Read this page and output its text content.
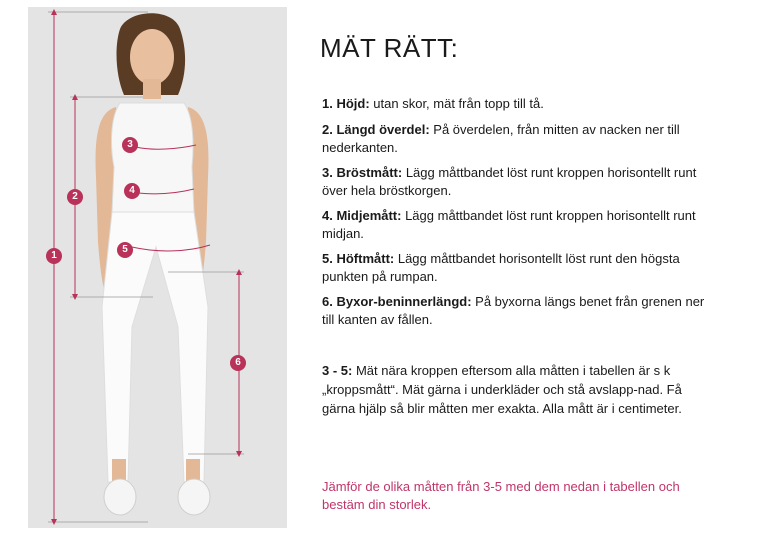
1
2
3
4
5
6
MÄT RÄTT:

1. Höjd: utan skor, mät från topp till tå.

2. Längd överdel: På överdelen, från mitten av nacken ner till nederkanten.

3. Bröstmått: Lägg måttbandet löst runt kroppen horisontellt runt över hela bröstkorgen.

4. Midjemått: Lägg måttbandet löst runt kroppen horisontellt runt midjan.

5. Höftmått: Lägg måttbandet horisontellt löst runt den högsta punkten på rumpan.

6. Byxor-beninnerlängd: På byxorna längs benet från grenen ner till kanten av fållen.

3 - 5: Mät nära kroppen eftersom alla måtten i tabellen är s k „kroppsmått“. Mät gärna i underkläder och stå avslapp-nad. Få gärna hjälp så blir måtten mer exakta. Alla mått är i centimeter.

Jämför de olika måtten från 3-5 med dem nedan i tabellen och bestäm din storlek.
